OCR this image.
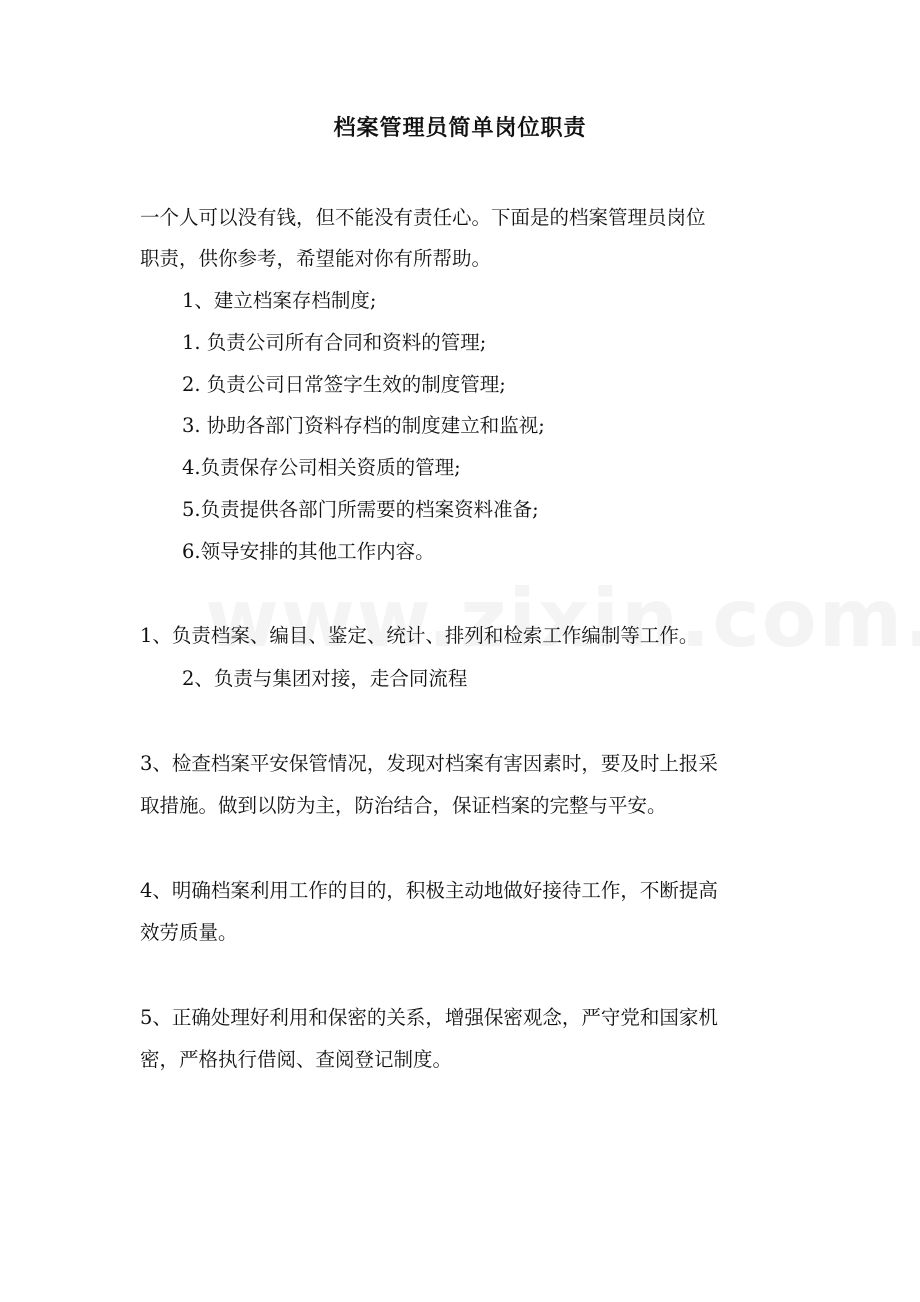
档案管理员简单岗位职责
一个人可以没有钱，但不能没有责任心。下面是的档案管理员岗位
职责，供你参考，希望能对你有所帮助。
1、建立档案存档制度;
1. 负责公司所有合同和资料的管理;
2. 负责公司日常签字生效的制度管理;
3. 协助各部门资料存档的制度建立和监视;
4.负责保存公司相关资质的管理;
5.负责提供各部门所需要的档案资料准备;
6.领导安排的其他工作内容。
1、负责档案、编目、鉴定、统计、排列和检索工作编制等工作。
2、负责与集团对接，走合同流程
3、检查档案平安保管情况，发现对档案有害因素时，要及时上报采
取措施。做到以防为主，防治结合，保证档案的完整与平安。
4、明确档案利用工作的目的，积极主动地做好接待工作，不断提高
效劳质量。
5、正确处理好利用和保密的关系，增强保密观念，严守党和国家机
密，严格执行借阅、查阅登记制度。
